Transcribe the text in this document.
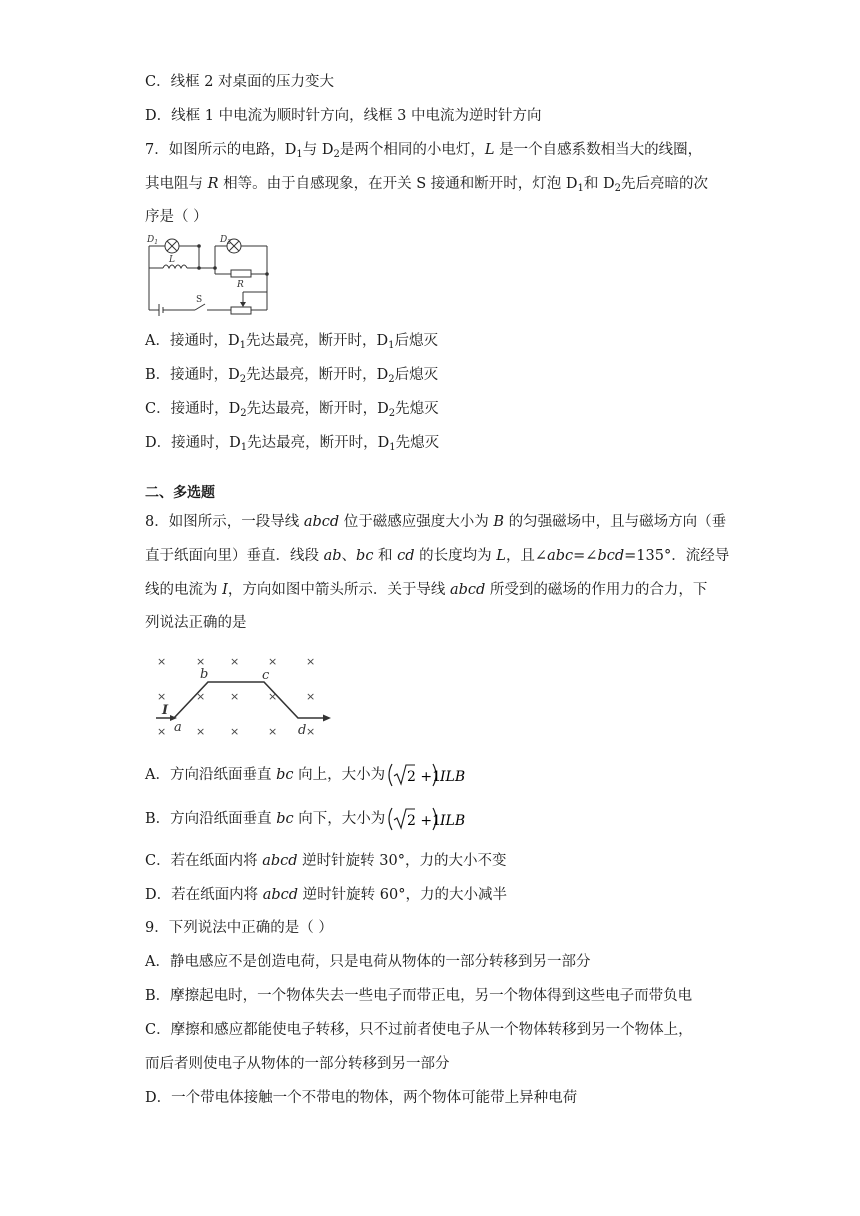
C．线框 2 对桌面的压力变大
D．线框 1 中电流为顺时针方向，线框 3 中电流为逆时针方向
7．如图所示的电路，$D_1$与 $D_2$是两个相同的小电灯，L 是一个自感系数相当大的线圈，
其电阻与 R 相等。由于自感现象，在开关 S 接通和断开时，灯泡 $D_1$和 $D_2$先后亮暗的次
序是（ ）
$D_1$	$D_2$
L
R
S
A．接通时，$D_1$先达最亮，断开时，$D_1$后熄灭
B．接通时，$D_2$先达最亮，断开时，$D_2$后熄灭
C．接通时，$D_2$先达最亮，断开时，$D_2$先熄灭
D．接通时，$D_1$先达最亮，断开时，$D_1$先熄灭
二、多选题
8．如图所示，一段导线 abcd 位于磁感应强度大小为 B 的匀强磁场中，且与磁场方向（垂
直于纸面向里）垂直．线段 ab、bc 和 cd 的长度均为 L，且∠abc=∠bcd=135°．流经导
线的电流为 I，方向如图中箭头所示．关于导线 abcd 所受到的磁场的作用力的合力，下
列说法正确的是
×	× ×	×	×
×	× ×	×	×
×	× ×	×	×
I
a
b	c
d
A．方向沿纸面垂直 bc 向上，大小为 2 +1 ILB
B．方向沿纸面垂直 bc 向下，大小为 2 +1 ILB
C．若在纸面内将 abcd 逆时针旋转 30°，力的大小不变
D．若在纸面内将 abcd 逆时针旋转 60°，力的大小减半
9．下列说法中正确的是（ ）
A．静电感应不是创造电荷，只是电荷从物体的一部分转移到另一部分
B．摩擦起电时，一个物体失去一些电子而带正电，另一个物体得到这些电子而带负电
C．摩擦和感应都能使电子转移，只不过前者使电子从一个物体转移到另一个物体上，
而后者则使电子从物体的一部分转移到另一部分
D．一个带电体接触一个不带电的物体，两个物体可能带上异种电荷
